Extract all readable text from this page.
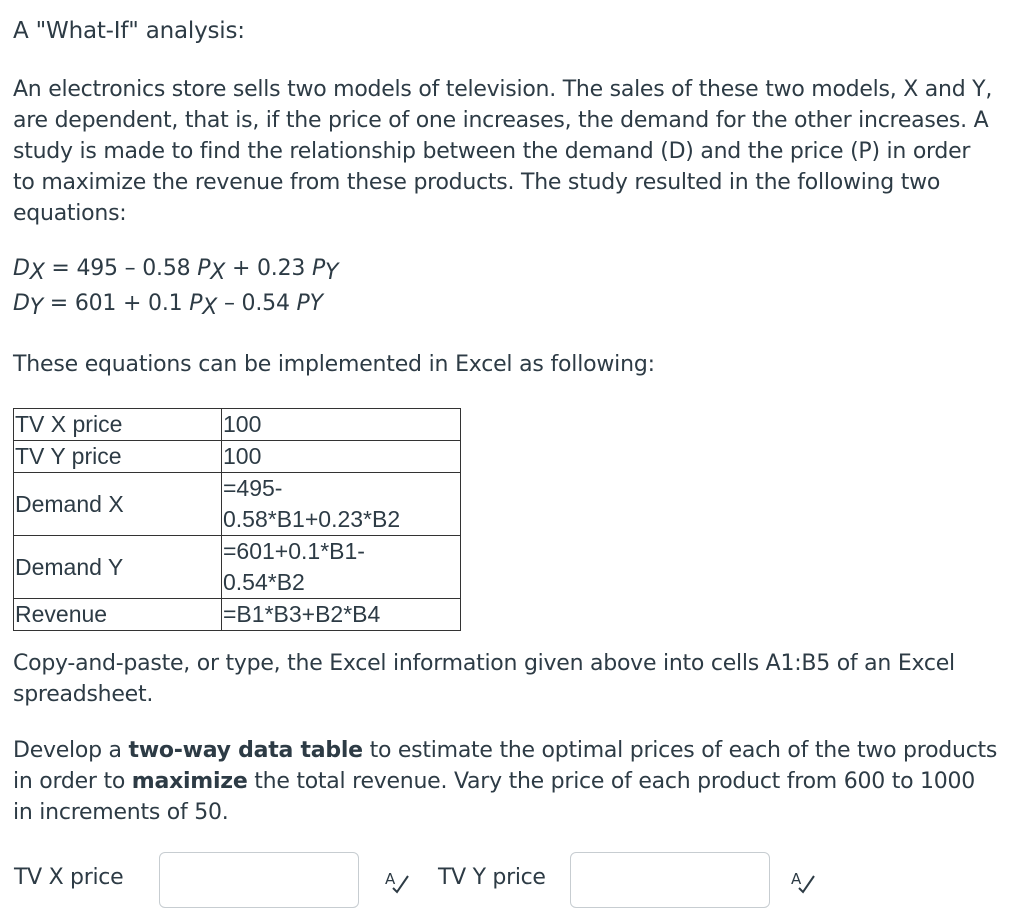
A "What-If" analysis:

An electronics store sells two models of television. The sales of these two models, X and Y, are dependent, that is, if the price of one increases, the demand for the other increases. A study is made to find the relationship between the demand (D) and the price (P) in order to maximize the revenue from these products. The study resulted in the following two equations:

$D_X = 495 - 0.58$ $P_X + 0.23$ $P_Y$
$D_Y = 601 + 0.1$ $P_X - 0.54$ PY
These equations can be implemented in Excel as following:
TV X price	100
TV Y price	100
Demand X	=495-
0.58*B1+0.23*B2
Demand Y	=601+0.1*B1-
0.54*B2
Revenue	=B1*B3+B2*B4

Copy-and-paste, or type, the Excel information given above into cells A1:B5 of an Excel spreadsheet.

Develop a two-way data table to estimate the optimal prices of each of the two products in order to maximize the total revenue. Vary the price of each product from 600 to 1000 in increments of 50.

TV X price	A TV Y price	A
